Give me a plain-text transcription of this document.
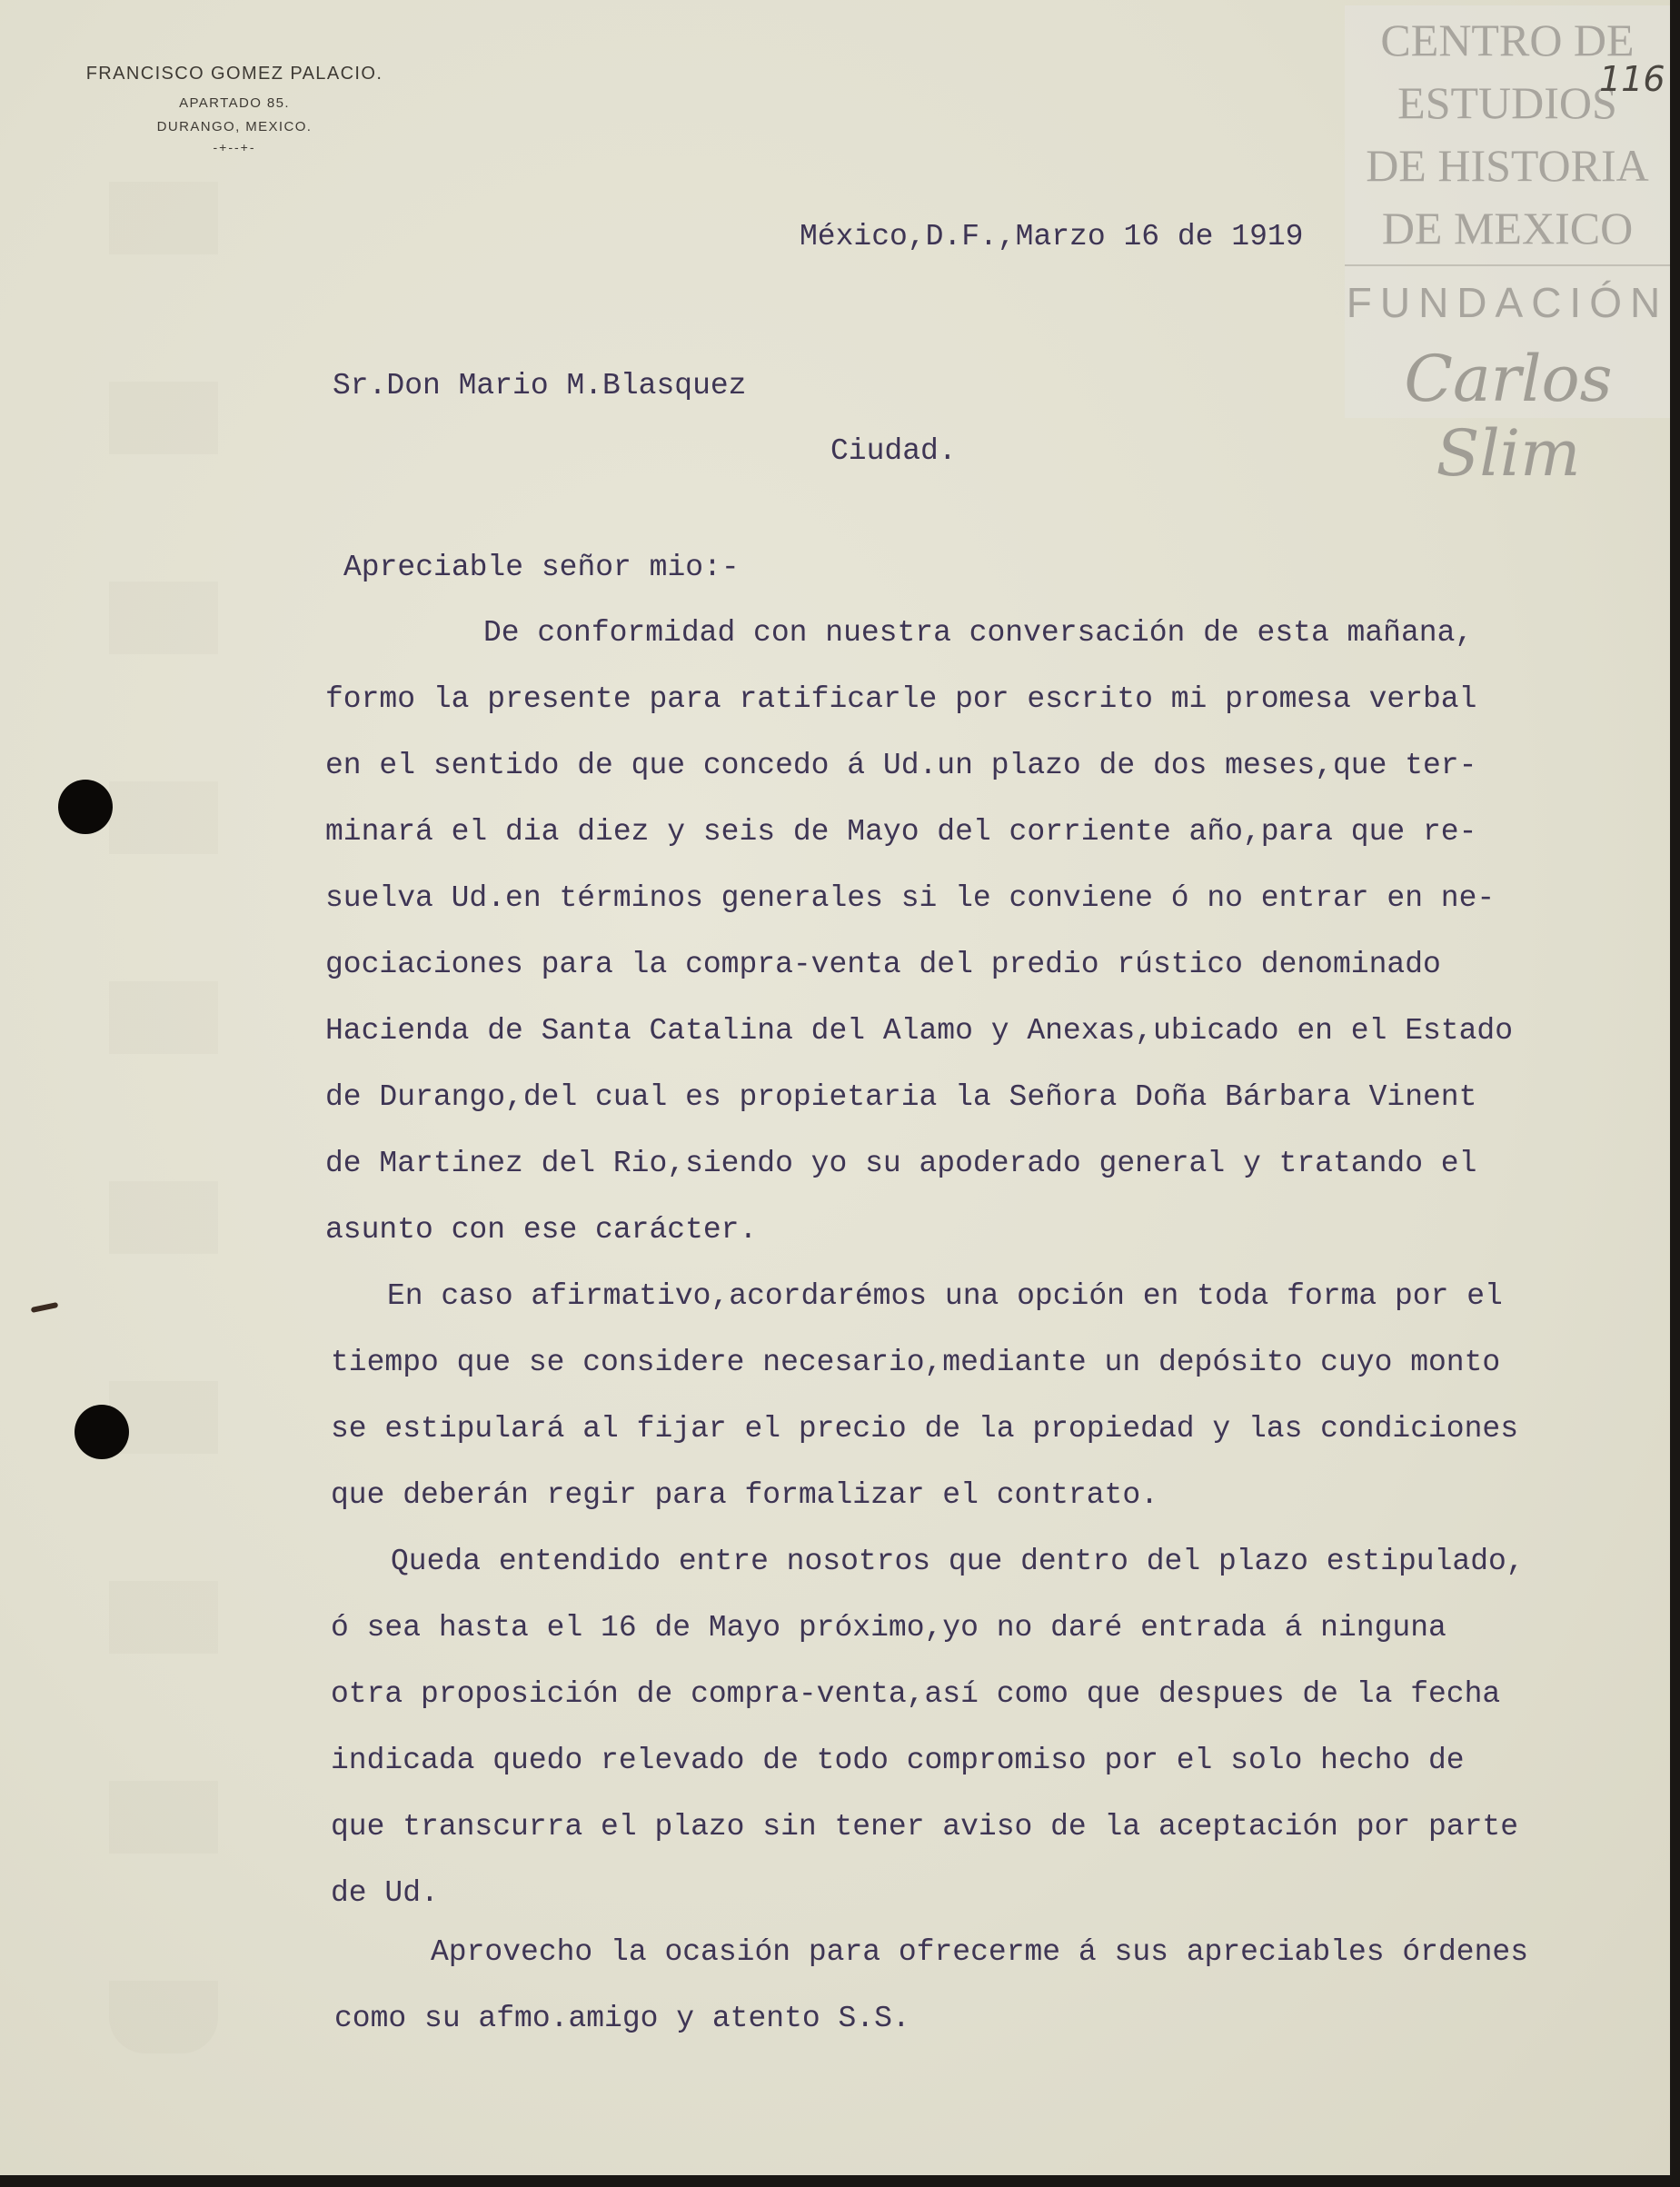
FRANCISCO GOMEZ PALACIO.
APARTADO 85.
DURANGO, MEXICO.
-+--+-
CENTRO DE
ESTUDIOS
DE HISTORIA
DE MEXICO
FUNDACIÓN
Carlos Slim
116
México,D.F.,Marzo 16 de 1919
Sr.Don Mario M.Blasquez
Ciudad.
Apreciable señor mio:-
De conformidad con nuestra conversación de esta mañana,
formo la presente para ratificarle por escrito mi promesa verbal
en el sentido de que concedo á Ud.un plazo de dos meses,que ter-
minará el dia diez y seis de Mayo del corriente año,para que re-
suelva Ud.en términos generales si le conviene ó no entrar en ne-
gociaciones para la compra-venta del predio rústico denominado
Hacienda de Santa Catalina del Alamo y Anexas,ubicado en el Estado
de Durango,del cual es propietaria la Señora Doña Bárbara Vinent
de Martinez del Rio,siendo yo su apoderado general y tratando el
asunto con ese carácter.
En caso afirmativo,acordarémos una opción en toda forma por el
tiempo que se considere necesario,mediante un depósito cuyo monto
se estipulará al fijar el precio de la propiedad y las condiciones
que deberán regir para formalizar el contrato.
Queda entendido entre nosotros que dentro del plazo estipulado,
ó sea hasta el 16 de Mayo próximo,yo no daré entrada á ninguna
otra proposición de compra-venta,así como que despues de la fecha
indicada quedo relevado de todo compromiso por el solo hecho de
que transcurra el plazo sin tener aviso de la aceptación por parte
de Ud.
Aprovecho la ocasión para ofrecerme á sus apreciables órdenes
como su afmo.amigo y atento S.S.
